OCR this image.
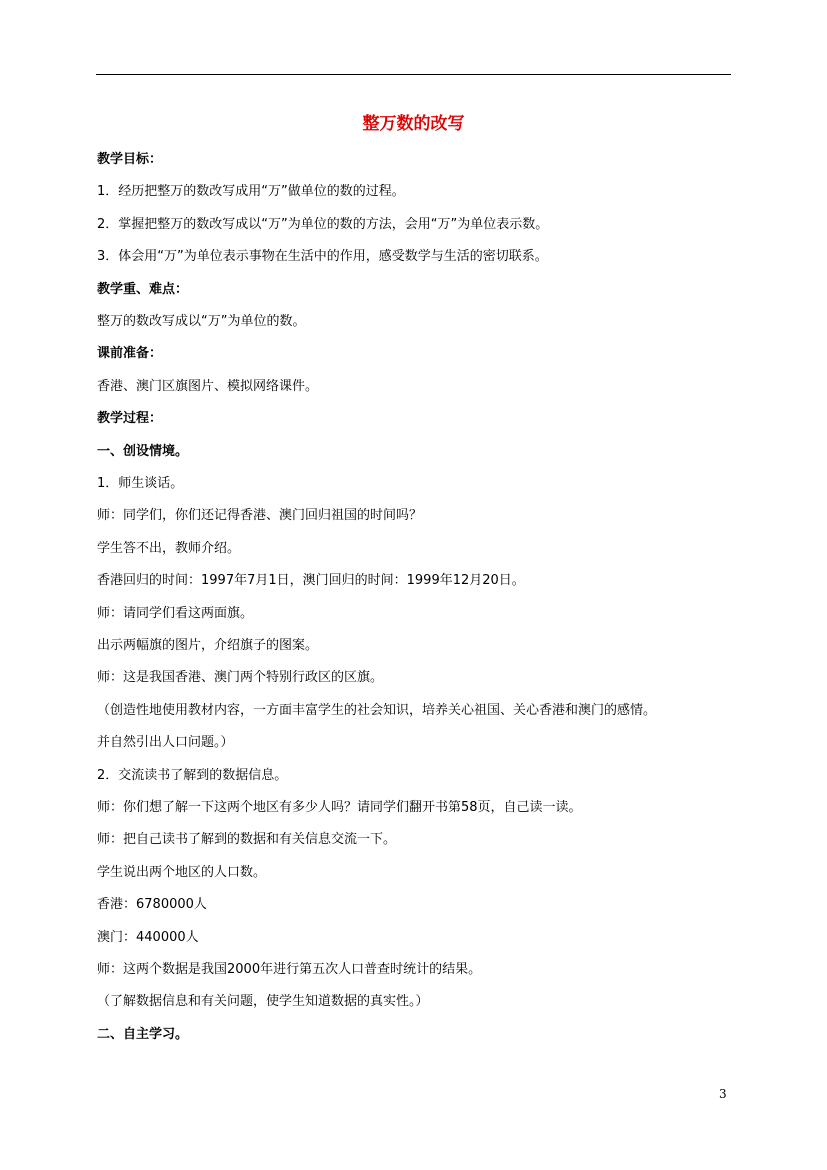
整万数的改写
教学目标：
1．经历把整万的数改写成用“万”做单位的数的过程。
2．掌握把整万的数改写成以“万”为单位的数的方法，会用“万”为单位表示数。
3．体会用“万”为单位表示事物在生活中的作用，感受数学与生活的密切联系。
教学重、难点：
整万的数改写成以“万”为单位的数。
课前准备：
香港、澳门区旗图片、模拟网络课件。
教学过程：
一、创设情境。
1．师生谈话。
师：同学们，你们还记得香港、澳门回归祖国的时间吗？
学生答不出，教师介绍。
香港回归的时间：1997年7月1日，澳门回归的时间：1999年12月20日。
师：请同学们看这两面旗。
出示两幅旗的图片，介绍旗子的图案。
师：这是我国香港、澳门两个特别行政区的区旗。
（创造性地使用教材内容，一方面丰富学生的社会知识，培养关心祖国、关心香港和澳门的感情。
并自然引出人口问题。）
2．交流读书了解到的数据信息。
师：你们想了解一下这两个地区有多少人吗？请同学们翻开书第58页，自己读一读。
师：把自己读书了解到的数据和有关信息交流一下。
学生说出两个地区的人口数。
香港：6780000人
澳门：440000人
师：这两个数据是我国2000年进行第五次人口普查时统计的结果。
（了解数据信息和有关问题，使学生知道数据的真实性。）
二、自主学习。
3
